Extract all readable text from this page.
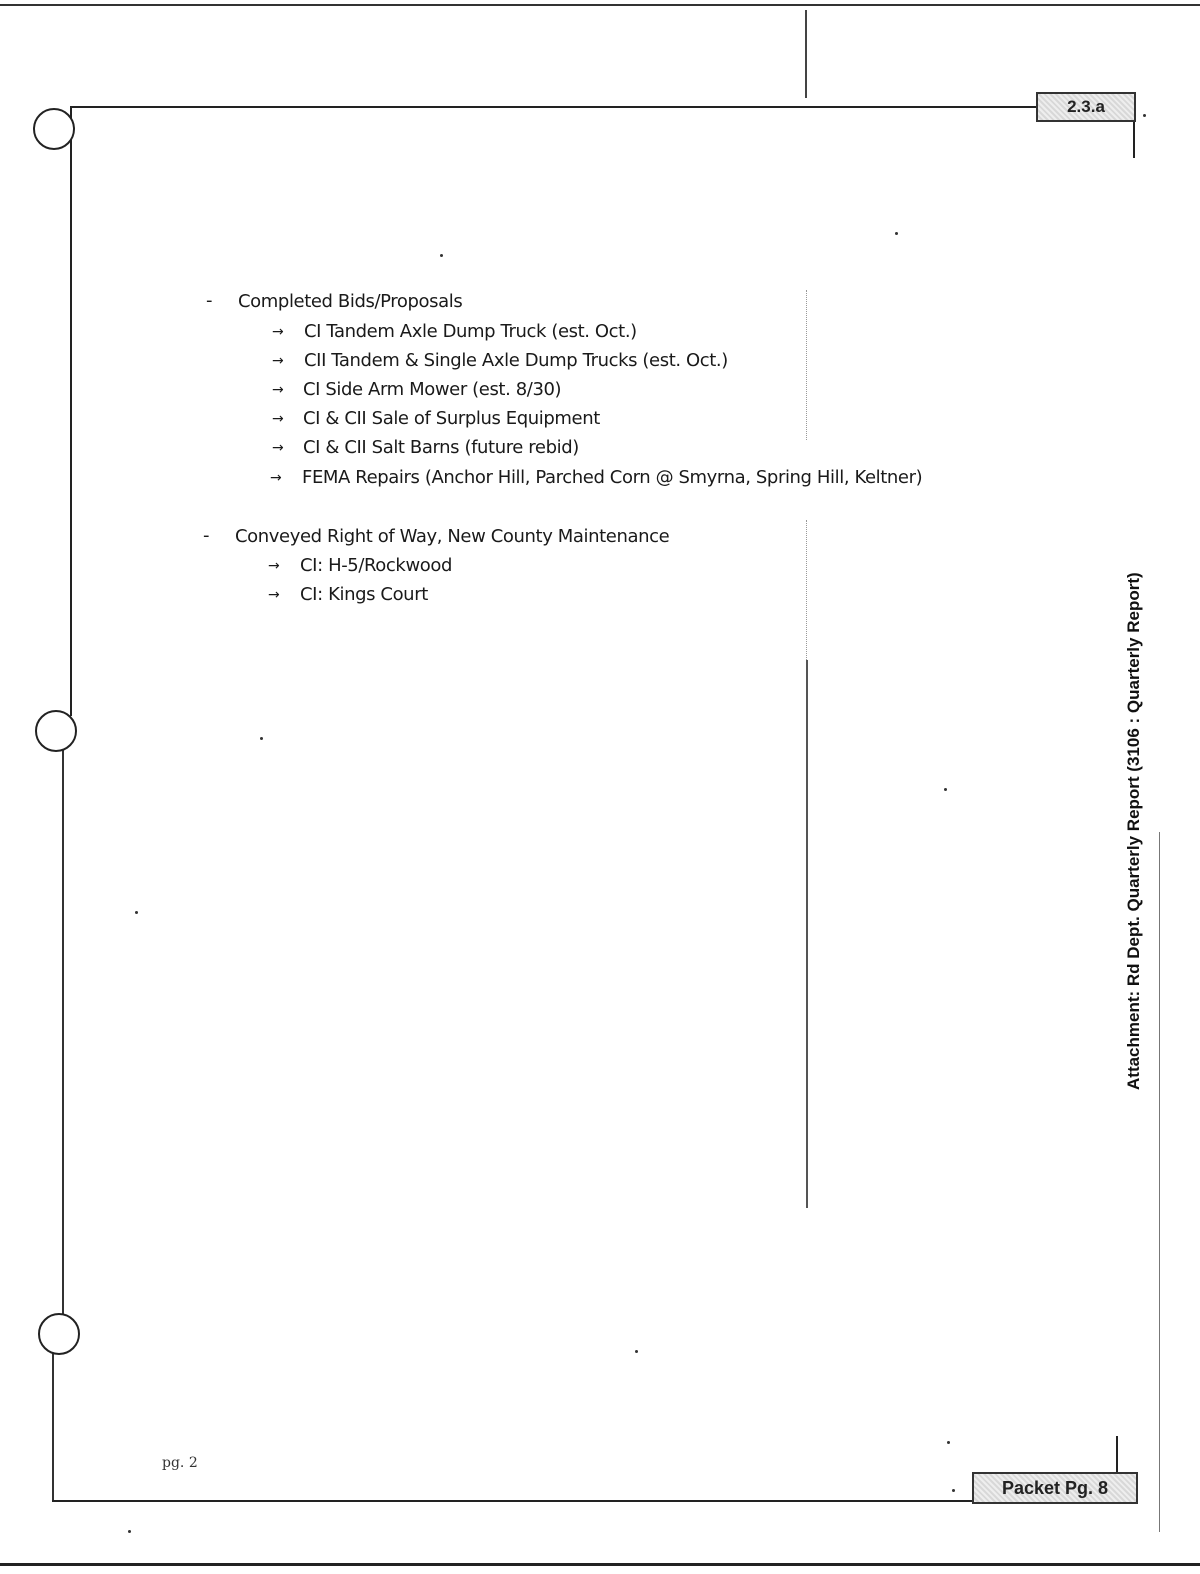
2.3.a
Packet Pg. 8
- Completed Bids/Proposals
→ CI Tandem Axle Dump Truck (est. Oct.)
→ CII Tandem & Single Axle Dump Trucks (est. Oct.)
→ CI Side Arm Mower (est. 8/30)
→ CI & CII Sale of Surplus Equipment
→ CI & CII Salt Barns (future rebid)
→ FEMA Repairs (Anchor Hill, Parched Corn @ Smyrna, Spring Hill, Keltner)
- Conveyed Right of Way, New County Maintenance
→ CI: H-5/Rockwood
→ CI: Kings Court
pg. 2
Attachment: Rd Dept. Quarterly Report (3106 : Quarterly Report)
